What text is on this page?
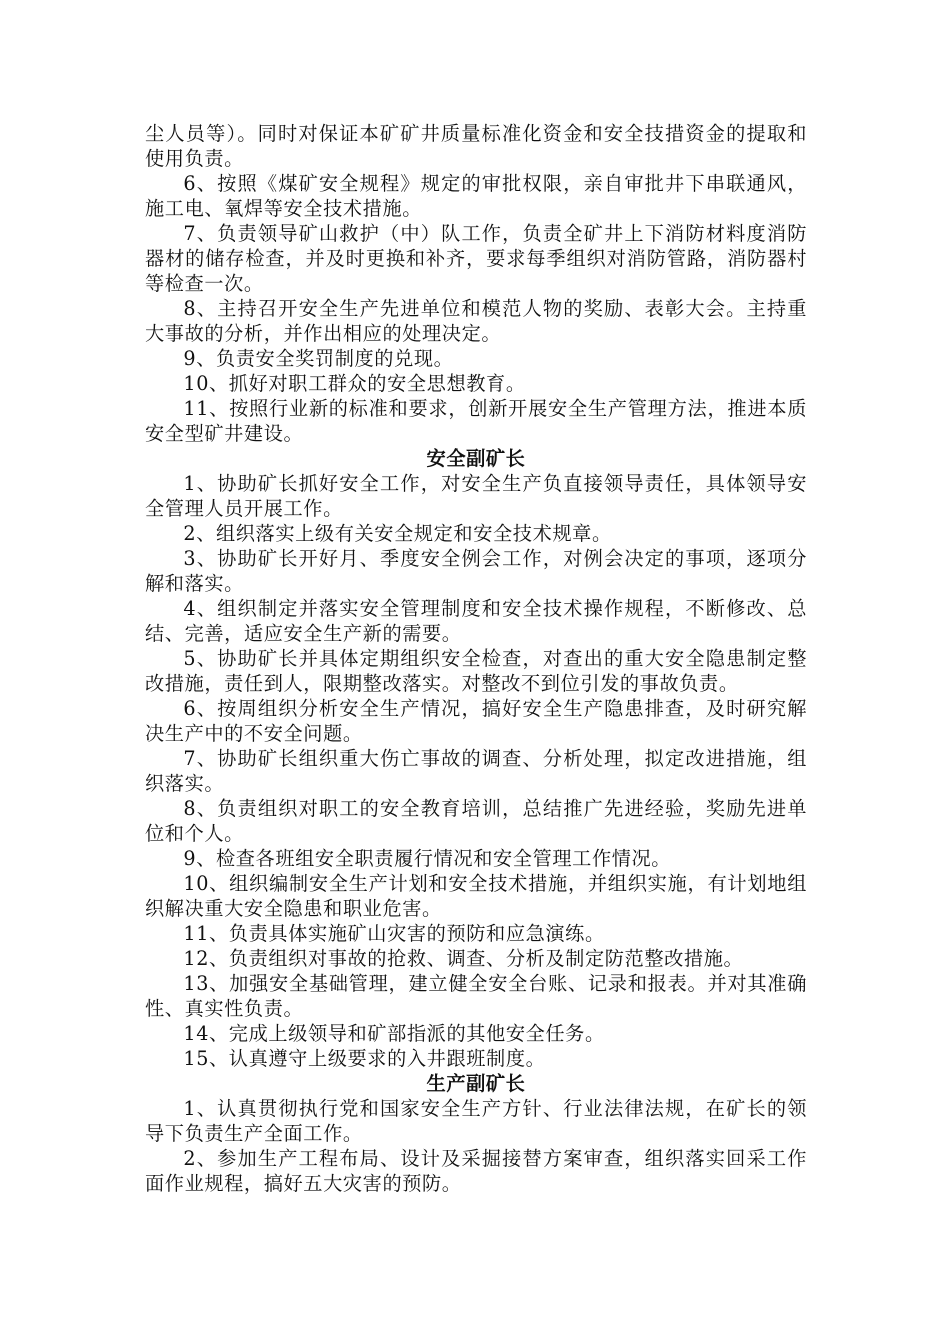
尘人员等）。同时对保证本矿矿井质量标准化资金和安全技措资金的提取和使用负责。

6、按照《煤矿安全规程》规定的审批权限，亲自审批井下串联通风，施工电、氧焊等安全技术措施。

7、负责领导矿山救护（中）队工作，负责全矿井上下消防材料度消防器材的储存检查，并及时更换和补齐，要求每季组织对消防管路，消防器村等检查一次。

8、主持召开安全生产先进单位和模范人物的奖励、表彰大会。主持重大事故的分析，并作出相应的处理决定。

9、负责安全奖罚制度的兑现。

10、抓好对职工群众的安全思想教育。

11、按照行业新的标准和要求，创新开展安全生产管理方法，推进本质安全型矿井建设。

安全副矿长

1、协助矿长抓好安全工作，对安全生产负直接领导责任，具体领导安全管理人员开展工作。

2、组织落实上级有关安全规定和安全技术规章。

3、协助矿长开好月、季度安全例会工作，对例会决定的事项，逐项分解和落实。

4、组织制定并落实安全管理制度和安全技术操作规程，不断修改、总结、完善，适应安全生产新的需要。

5、协助矿长并具体定期组织安全检查，对查出的重大安全隐患制定整改措施，责任到人，限期整改落实。对整改不到位引发的事故负责。

6、按周组织分析安全生产情况，搞好安全生产隐患排查，及时研究解决生产中的不安全问题。

7、协助矿长组织重大伤亡事故的调查、分析处理，拟定改进措施，组织落实。

8、负责组织对职工的安全教育培训，总结推广先进经验，奖励先进单位和个人。

9、检查各班组安全职责履行情况和安全管理工作情况。

10、组织编制安全生产计划和安全技术措施，并组织实施，有计划地组织解决重大安全隐患和职业危害。

11、负责具体实施矿山灾害的预防和应急演练。

12、负责组织对事故的抢救、调查、分析及制定防范整改措施。

13、加强安全基础管理，建立健全安全台账、记录和报表。并对其准确性、真实性负责。

14、完成上级领导和矿部指派的其他安全任务。

15、认真遵守上级要求的入井跟班制度。

生产副矿长

1、认真贯彻执行党和国家安全生产方针、行业法律法规，在矿长的领导下负责生产全面工作。

2、参加生产工程布局、设计及采掘接替方案审查，组织落实回采工作面作业规程，搞好五大灾害的预防。
